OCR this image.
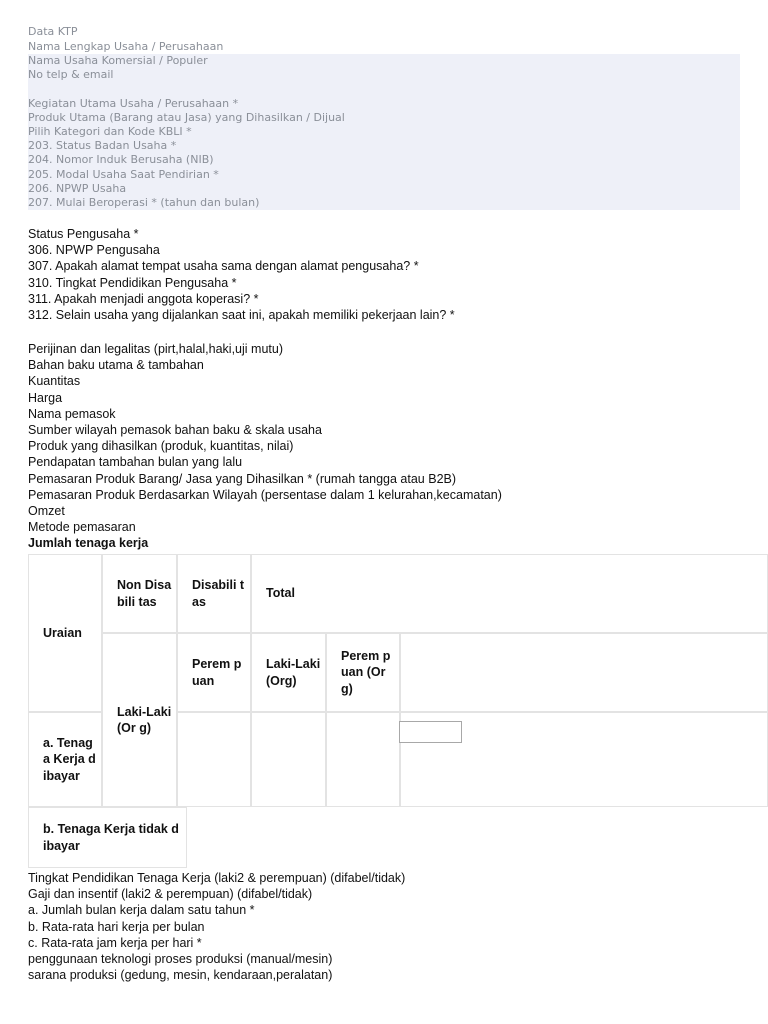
Data KTP
Nama Lengkap Usaha / Perusahaan
Nama Usaha Komersial / Populer
No telp & email
Kegiatan Utama Usaha / Perusahaan *
Produk Utama (Barang atau Jasa) yang Dihasilkan / Dijual
Pilih Kategori dan Kode KBLI *
203. Status Badan Usaha *
204. Nomor Induk Berusaha (NIB)
205. Modal Usaha Saat Pendirian *
206. NPWP Usaha
207. Mulai Beroperasi * (tahun dan bulan)
Status Pengusaha *
306. NPWP Pengusaha
307. Apakah alamat tempat usaha sama dengan alamat pengusaha? *
310. Tingkat Pendidikan Pengusaha *
311. Apakah menjadi anggota koperasi? *
312. Selain usaha yang dijalankan saat ini, apakah memiliki pekerjaan lain? *
Perijinan dan legalitas (pirt,halal,haki,uji mutu)
Bahan baku utama & tambahan
Kuantitas
Harga
Nama pemasok
Sumber wilayah pemasok bahan baku & skala usaha
Produk yang dihasilkan (produk, kuantitas, nilai)
Pendapatan tambahan bulan yang lalu
Pemasaran Produk Barang/ Jasa yang Dihasilkan * (rumah tangga atau B2B)
Pemasaran Produk Berdasarkan Wilayah (persentase dalam 1 kelurahan,kecamatan)
Omzet
Metode pemasaran
Jumlah tenaga kerja
Uraian
Non Disabili tas
Disabili tas
Total
Laki-Laki(Or g)
Perem puan
Laki-Laki (Org)
Perem puan (Org)
a. Tenaga Kerja dibayar
b. Tenaga Kerja tidak dibayar
Tingkat Pendidikan Tenaga Kerja (laki2 & perempuan) (difabel/tidak)
Gaji dan insentif (laki2 & perempuan) (difabel/tidak)
a. Jumlah bulan kerja dalam satu tahun *
b. Rata-rata hari kerja per bulan
c. Rata-rata jam kerja per hari *
penggunaan teknologi proses produksi (manual/mesin)
sarana produksi (gedung, mesin, kendaraan,peralatan)
